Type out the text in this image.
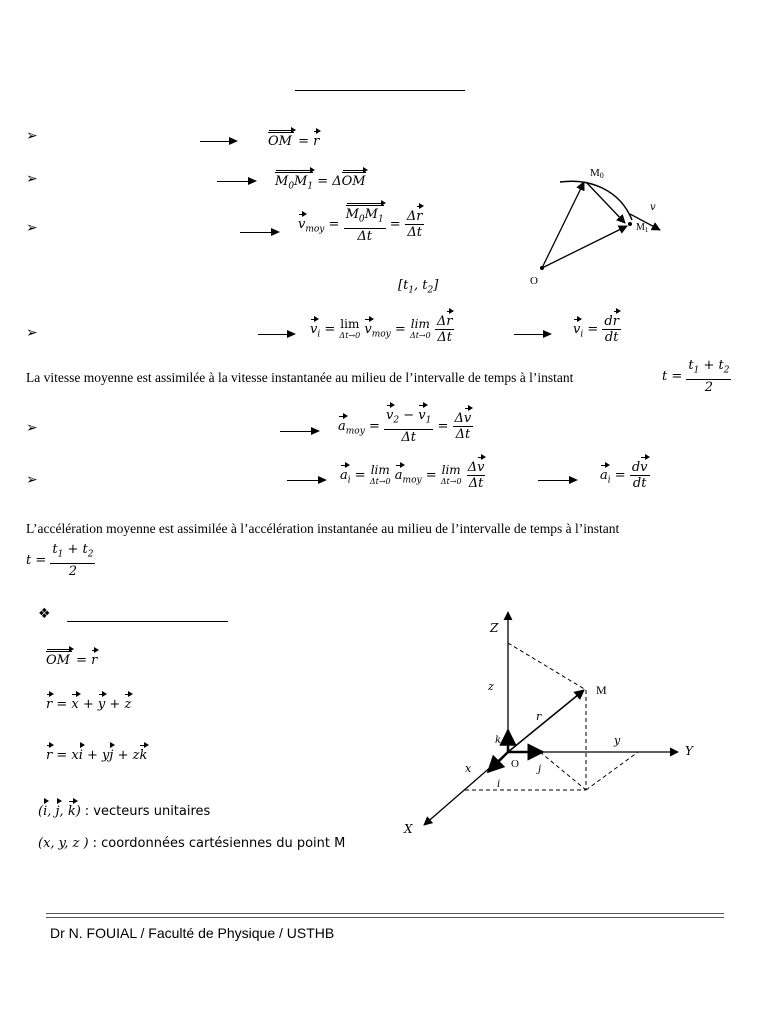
➢	OM = r
➢	$M_0M_1 = \Delta OM$
➢	$v_{moy} = \frac{M_0M_1}{\Delta t} = \frac{\Delta r}{\Delta t}$
[$t_1$, $t_2$]
➢	$v_i = \lim$
Δt→0 $v_{moy} = \lim$
Δt→0
$\frac{\Delta r}{\Delta t}$	$v_i = \frac{dr}{dt}$
La vitesse moyenne est assimilée à la vitesse instantanée au milieu de l’intervalle de temps à l’instant	$t = \frac{t_1 + t_2}{2}$
➢	$a_{moy} = \frac{v_2 - v_1}{\Delta t} = \frac{\Delta v}{\Delta t}$
➢	$a_i = \lim$
Δt→0 $a_{moy} = \lim$
Δt→0
$\frac{\Delta v}{\Delta t}$	$a_i = \frac{dv}{dt}$
L’accélération moyenne est assimilée à l’accélération instantanée au milieu de l’intervalle de temps à l’instant
$t = \frac{t_1 + t_2}{2}$
❖
OM = r
r = x + y + z
r = xi + yj + zk
(i, j, k) : vecteurs unitaires
(x, y, z ) : coordonnées cartésiennes du point M
M0
$M_1$
v
O
Z
Y
X
M
O
r
z
y
x
k
i
j
Dr N. FOUIAL / Faculté de Physique / USTHB
